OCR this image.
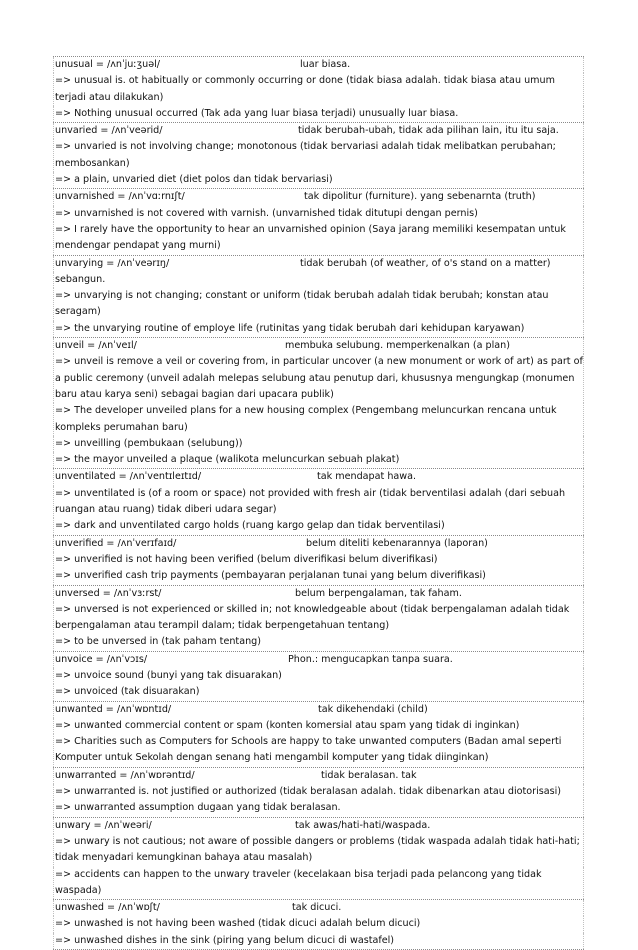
unusual = /ʌnˈjuːʒuəl/	luar biasa.
=> unusual is. ot habitually or commonly occurring or done (tidak biasa adalah. tidak biasa atau umum terjadi atau dilakukan)
=> Nothing unusual occurred (Tak ada yang luar biasa terjadi) unusually luar biasa.
unvaried = /ʌnˈveərid/	tidak berubah-ubah, tidak ada pilihan lain, itu itu saja.
=> unvaried is not involving change; monotonous (tidak bervariasi adalah tidak melibatkan perubahan; membosankan)
=> a plain, unvaried diet (diet polos dan tidak bervariasi)
unvarnished = /ʌnˈvɑːrnɪʃt/	tak dipolitur (furniture). yang sebenarnta (truth)
=> unvarnished is not covered with varnish. (unvarnished tidak ditutupi dengan pernis)
=> I rarely have the opportunity to hear an unvarnished opinion (Saya jarang memiliki kesempatan untuk mendengar pendapat yang murni)
unvarying = /ʌnˈveərɪŋ/	tidak berubah (of weather, of o's stand on a matter)
sebangun.
=> unvarying is not changing; constant or uniform (tidak berubah adalah tidak berubah; konstan atau seragam)
=> the unvarying routine of employe life (rutinitas yang tidak berubah dari kehidupan karyawan)
unveil = /ʌnˈveɪl/	membuka selubung. memperkenalkan (a plan)
=> unveil is remove a veil or covering from, in particular uncover (a new monument or work of art) as part of a public ceremony (unveil adalah melepas selubung atau penutup dari, khususnya mengungkap (monumen baru atau karya seni) sebagai bagian dari upacara publik)
=> The developer unveiled plans for a new housing complex (Pengembang meluncurkan rencana untuk kompleks perumahan baru)
=> unveilling (pembukaan (selubung))
=> the mayor unveiled a plaque (walikota meluncurkan sebuah plakat)
unventilated = /ʌnˈventɪleɪtɪd/	tak mendapat hawa.
=> unventilated is (of a room or space) not provided with fresh air (tidak berventilasi adalah (dari sebuah ruangan atau ruang) tidak diberi udara segar)
=> dark and unventilated cargo holds (ruang kargo gelap dan tidak berventilasi)
unverified = /ʌnˈverɪfaɪd/	belum diteliti kebenarannya (laporan)
=> unverified is not having been verified (belum diverifikasi belum diverifikasi)
=> unverified cash trip payments (pembayaran perjalanan tunai yang belum diverifikasi)
unversed = /ʌnˈvɜːrst/	belum berpengalaman, tak faham.
=> unversed is not experienced or skilled in; not knowledgeable about (tidak berpengalaman adalah tidak berpengalaman atau terampil dalam; tidak berpengetahuan tentang)
=> to be unversed in (tak paham tentang)
unvoice = /ʌnˈvɔɪs/	Phon.: mengucapkan tanpa suara.
=> unvoice sound (bunyi yang tak disuarakan)
=> unvoiced (tak disuarakan)
unwanted = /ʌnˈwɒntɪd/	tak dikehendaki (child)
=> unwanted commercial content or spam (konten komersial atau spam yang tidak di inginkan)
=> Charities such as Computers for Schools are happy to take unwanted computers (Badan amal seperti Komputer untuk Sekolah dengan senang hati mengambil komputer yang tidak diinginkan)
unwarranted = /ʌnˈwɒrəntɪd/	tidak beralasan. tak
=> unwarranted is. not justified or authorized (tidak beralasan adalah. tidak dibenarkan atau diotorisasi)
=> unwarranted assumption dugaan yang tidak beralasan.
unwary = /ʌnˈweəri/	tak awas/hati-hati/waspada.
=> unwary is not cautious; not aware of possible dangers or problems (tidak waspada adalah tidak hati-hati; tidak menyadari kemungkinan bahaya atau masalah)
=> accidents can happen to the unwary traveler (kecelakaan bisa terjadi pada pelancong yang tidak waspada)
unwashed = /ʌnˈwɒʃt/	tak dicuci.
=> unwashed is not having been washed (tidak dicuci adalah belum dicuci)
=> unwashed dishes in the sink (piring yang belum dicuci di wastafel)
